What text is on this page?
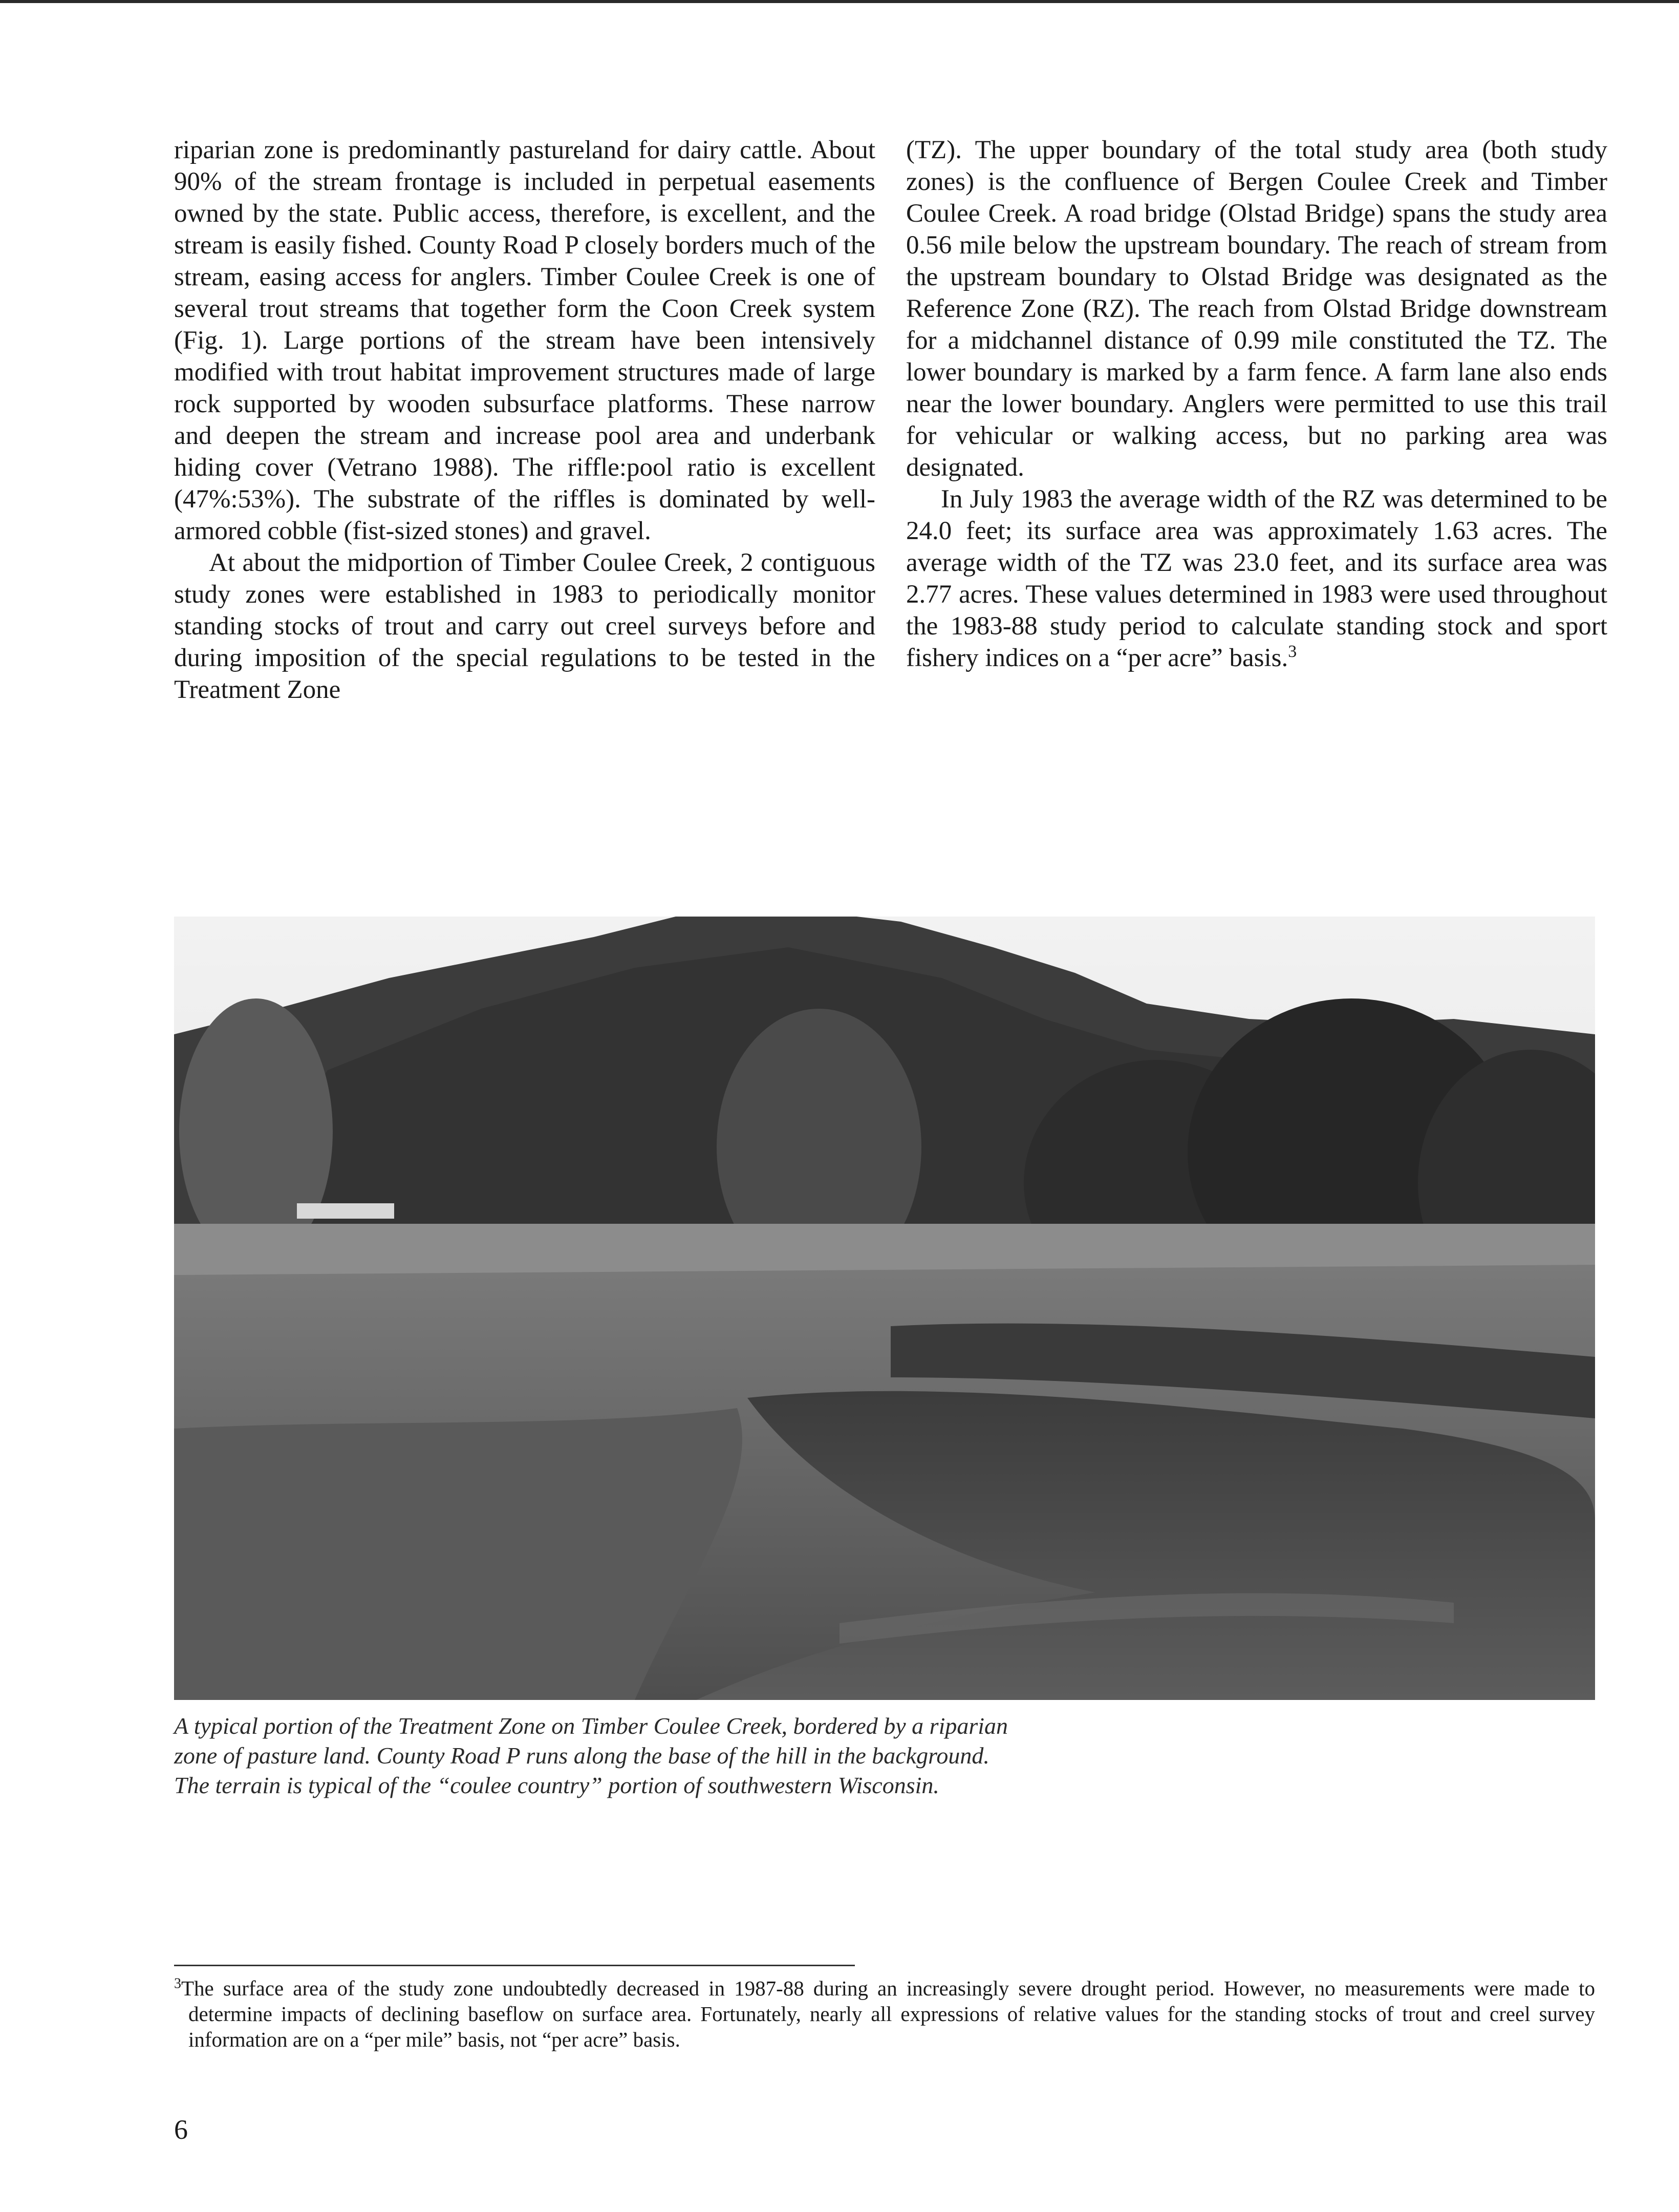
riparian zone is predominantly pastureland for dairy cattle. About 90% of the stream frontage is included in perpetual easements owned by the state. Public access, therefore, is excellent, and the stream is easily fished. County Road P closely borders much of the stream, easing access for anglers. Timber Coulee Creek is one of several trout streams that together form the Coon Creek system (Fig. 1). Large portions of the stream have been intensively modified with trout habitat improvement structures made of large rock supported by wooden subsurface platforms. These narrow and deepen the stream and increase pool area and underbank hiding cover (Vetrano 1988). The riffle:pool ratio is excellent (47%:53%). The substrate of the riffles is dominated by well-armored cobble (fist-sized stones) and gravel.

At about the midportion of Timber Coulee Creek, 2 contiguous study zones were established in 1983 to periodically monitor standing stocks of trout and carry out creel surveys before and during imposition of the special regulations to be tested in the Treatment Zone

(TZ). The upper boundary of the total study area (both study zones) is the confluence of Bergen Coulee Creek and Timber Coulee Creek. A road bridge (Olstad Bridge) spans the study area 0.56 mile below the upstream boundary. The reach of stream from the upstream boundary to Olstad Bridge was designated as the Reference Zone (RZ). The reach from Olstad Bridge downstream for a midchannel distance of 0.99 mile constituted the TZ. The lower boundary is marked by a farm fence. A farm lane also ends near the lower boundary. Anglers were permitted to use this trail for vehicular or walking access, but no parking area was designated.

In July 1983 the average width of the RZ was determined to be 24.0 feet; its surface area was approximately 1.63 acres. The average width of the TZ was 23.0 feet, and its surface area was 2.77 acres. These values determined in 1983 were used throughout the 1983-88 study period to calculate standing stock and sport fishery indices on a “per acre” basis.$^3$

A typical portion of the Treatment Zone on Timber Coulee Creek, bordered by a riparian

zone of pasture land. County Road P runs along the base of the hill in the background.

The terrain is typical of the “coulee country” portion of southwestern Wisconsin.

$^3$The surface area of the study zone undoubtedly decreased in 1987-88 during an increasingly severe drought period. However, no measurements were made to determine impacts of declining baseflow on surface area. Fortunately, nearly all expressions of relative values for the standing stocks of trout and creel survey information are on a “per mile” basis, not “per acre” basis.

6
